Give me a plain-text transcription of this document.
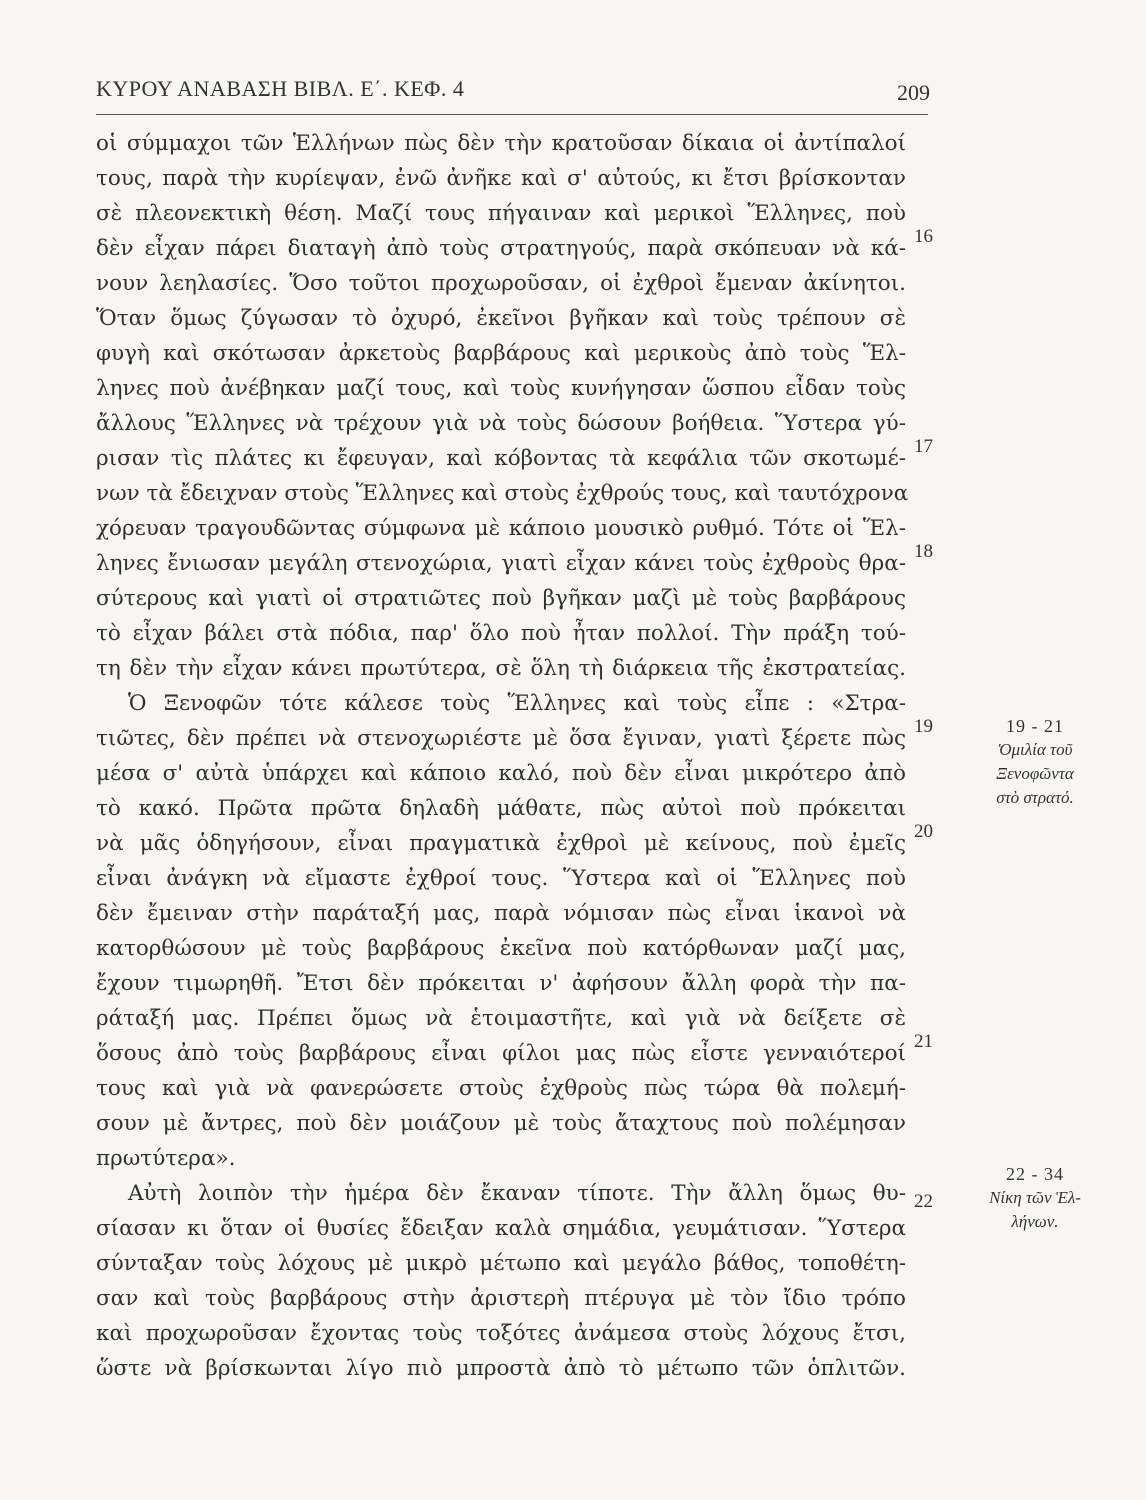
ΚΥΡΟΥ ΑΝΑΒΑΣΗ ΒΙΒΛ. Ε΄. ΚΕΦ. 4	209
οἱ σύμμαχοι τῶν Ἑλλήνων πὼς δὲν τὴν κρατοῦσαν δίκαια οἱ ἀντίπαλοί
τους, παρὰ τὴν κυρίεψαν, ἐνῶ ἀνῆκε καὶ σ' αὐτούς, κι ἔτσι βρίσκονταν
σὲ πλεονεκτικὴ θέση. Μαζί τους πήγαιναν καὶ μερικοὶ Ἕλληνες, ποὺ
δὲν εἶχαν πάρει διαταγὴ ἀπὸ τοὺς στρατηγούς, παρὰ σκόπευαν νὰ κά-
νουν λεηλασίες. Ὅσο τοῦτοι προχωροῦσαν, οἱ ἐχθροὶ ἔμεναν ἀκίνητοι.
Ὅταν ὅμως ζύγωσαν τὸ ὀχυρό, ἐκεῖνοι βγῆκαν καὶ τοὺς τρέπουν σὲ
φυγὴ καὶ σκότωσαν ἀρκετοὺς βαρβάρους καὶ μερικοὺς ἀπὸ τοὺς Ἕλ-
ληνες ποὺ ἀνέβηκαν μαζί τους, καὶ τοὺς κυνήγησαν ὥσπου εἶδαν τοὺς
ἄλλους Ἕλληνες νὰ τρέχουν γιὰ νὰ τοὺς δώσουν βοήθεια. Ὕστερα γύ-
ρισαν τὶς πλάτες κι ἔφευγαν, καὶ κόβοντας τὰ κεφάλια τῶν σκοτωμέ-
νων τὰ ἔδειχναν στοὺς Ἕλληνες καὶ στοὺς ἐχθρούς τους, καὶ ταυτόχρονα
χόρευαν τραγουδῶντας σύμφωνα μὲ κάποιο μουσικὸ ρυθμό. Τότε οἱ Ἕλ-
ληνες ἔνιωσαν μεγάλη στενοχώρια, γιατὶ εἶχαν κάνει τοὺς ἐχθροὺς θρα-
σύτερους καὶ γιατὶ οἱ στρατιῶτες ποὺ βγῆκαν μαζὶ μὲ τοὺς βαρβάρους
τὸ εἶχαν βάλει στὰ πόδια, παρ' ὅλο ποὺ ἦταν πολλοί. Τὴν πράξη τού-
τη δὲν τὴν εἶχαν κάνει πρωτύτερα, σὲ ὅλη τὴ διάρκεια τῆς ἐκστρατείας.
Ὁ Ξενοφῶν τότε κάλεσε τοὺς Ἕλληνες καὶ τοὺς εἶπε : «Στρα-
τιῶτες, δὲν πρέπει νὰ στενοχωριέστε μὲ ὅσα ἔγιναν, γιατὶ ξέρετε πὼς
μέσα σ' αὐτὰ ὑπάρχει καὶ κάποιο καλό, ποὺ δὲν εἶναι μικρότερο ἀπὸ
τὸ κακό. Πρῶτα πρῶτα δηλαδὴ μάθατε, πὼς αὐτοὶ ποὺ πρόκειται
νὰ μᾶς ὁδηγήσουν, εἶναι πραγματικὰ ἐχθροὶ μὲ κείνους, ποὺ ἐμεῖς
εἶναι ἀνάγκη νὰ εἴμαστε ἐχθροί τους. Ὕστερα καὶ οἱ Ἕλληνες ποὺ
δὲν ἔμειναν στὴν παράταξή μας, παρὰ νόμισαν πὼς εἶναι ἱκανοὶ νὰ
κατορθώσουν μὲ τοὺς βαρβάρους ἐκεῖνα ποὺ κατόρθωναν μαζί μας,
ἔχουν τιμωρηθῆ. Ἔτσι δὲν πρόκειται ν' ἀφήσουν ἄλλη φορὰ τὴν πα-
ράταξή μας. Πρέπει ὅμως νὰ ἑτοιμαστῆτε, καὶ γιὰ νὰ δείξετε σὲ
ὅσους ἀπὸ τοὺς βαρβάρους εἶναι φίλοι μας πὼς εἶστε γενναιότεροί
τους καὶ γιὰ νὰ φανερώσετε στοὺς ἐχθροὺς πὼς τώρα θὰ πολεμή-
σουν μὲ ἄντρες, ποὺ δὲν μοιάζουν μὲ τοὺς ἄταχτους ποὺ πολέμησαν
πρωτύτερα».
Αὐτὴ λοιπὸν τὴν ἡμέρα δὲν ἔκαναν τίποτε. Τὴν ἄλλη ὅμως θυ-
σίασαν κι ὅταν οἱ θυσίες ἔδειξαν καλὰ σημάδια, γευμάτισαν. Ὕστερα
σύνταξαν τοὺς λόχους μὲ μικρὸ μέτωπο καὶ μεγάλο βάθος, τοποθέτη-
σαν καὶ τοὺς βαρβάρους στὴν ἀριστερὴ πτέρυγα μὲ τὸν ἴδιο τρόπο
καὶ προχωροῦσαν ἔχοντας τοὺς τοξότες ἀνάμεσα στοὺς λόχους ἔτσι,
ὥστε νὰ βρίσκωνται λίγο πιὸ μπροστὰ ἀπὸ τὸ μέτωπο τῶν ὁπλιτῶν.
16
17
18
19
20
21
22
19 - 21
Ὁμιλία τοῦ
Ξενοφῶντα
στὸ στρατό.
22 - 34
Νίκη τῶν Ἑλ-
λήνων.
